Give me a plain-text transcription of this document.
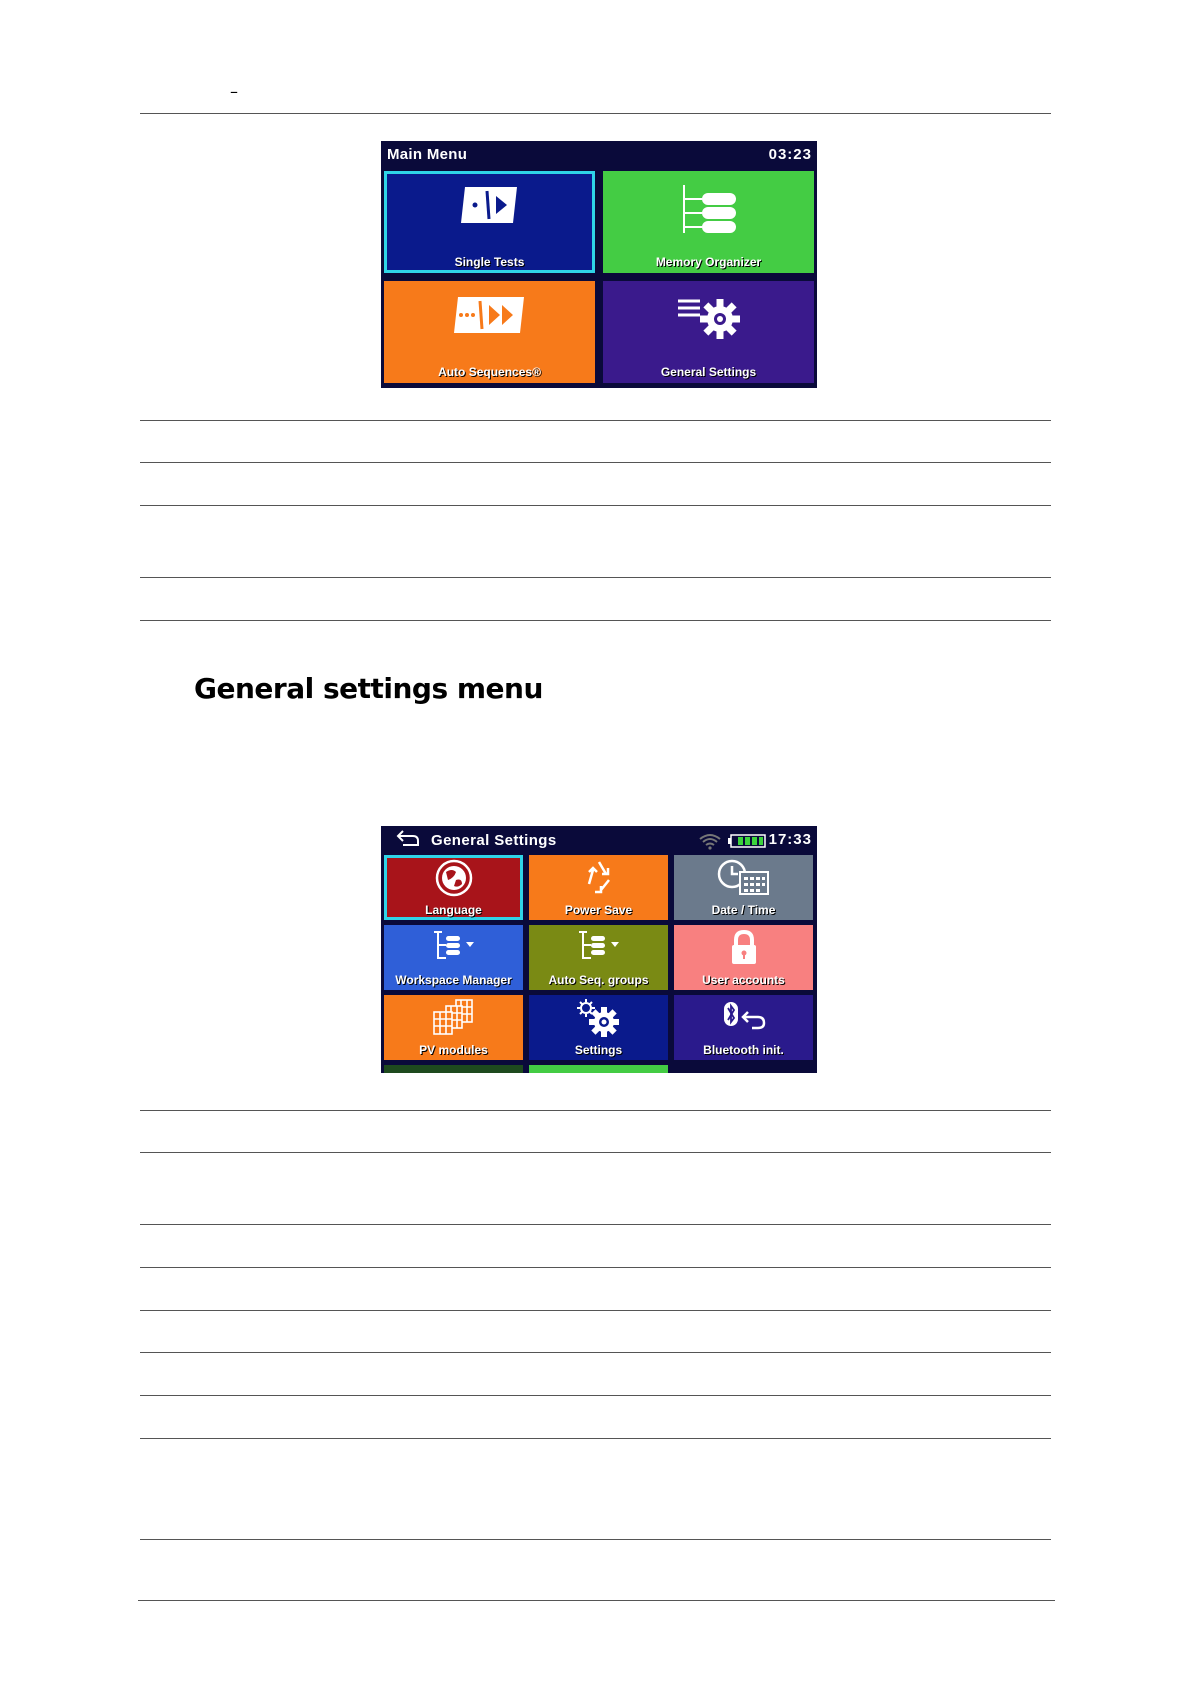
–
Main Menu	03:23
Single Tests	Memory Organizer
Auto Sequences®	General Settings
General settings menu
General Settings	17:33
Language	Power Save	Date / Time
Workspace Manager	Auto Seq. groups	User accounts
PV modules	Settings	Bluetooth init.
